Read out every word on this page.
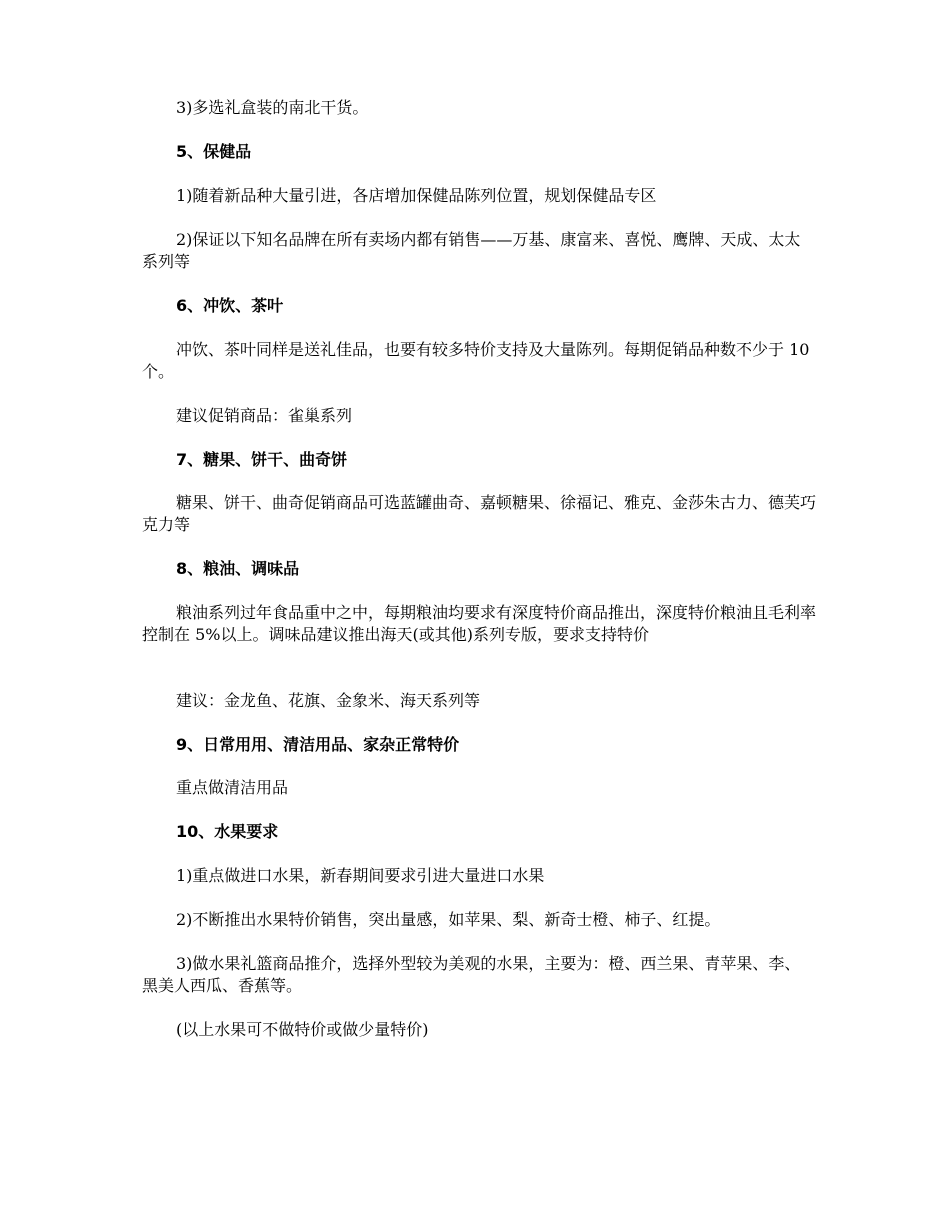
3)多选礼盒装的南北干货。

5、保健品

1)随着新品种大量引进，各店增加保健品陈列位置，规划保健品专区

2)保证以下知名品牌在所有卖场内都有销售——万基、康富来、喜悦、鹰牌、天成、太太系列等

6、冲饮、茶叶

冲饮、茶叶同样是送礼佳品，也要有较多特价支持及大量陈列。每期促销品种数不少于 10 个。

建议促销商品：雀巢系列

7、糖果、饼干、曲奇饼

糖果、饼干、曲奇促销商品可选蓝罐曲奇、嘉顿糖果、徐福记、雅克、金莎朱古力、德芙巧克力等

8、粮油、调味品

粮油系列过年食品重中之中，每期粮油均要求有深度特价商品推出，深度特价粮油且毛利率控制在 5%以上。调味品建议推出海天(或其他)系列专版，要求支持特价

建议：金龙鱼、花旗、金象米、海天系列等

9、日常用用、清洁用品、家杂正常特价

重点做清洁用品

10、水果要求

1)重点做进口水果，新春期间要求引进大量进口水果

2)不断推出水果特价销售，突出量感，如苹果、梨、新奇士橙、柿子、红提。

3)做水果礼篮商品推介，选择外型较为美观的水果，主要为：橙、西兰果、青苹果、李、黑美人西瓜、香蕉等。

(以上水果可不做特价或做少量特价)
